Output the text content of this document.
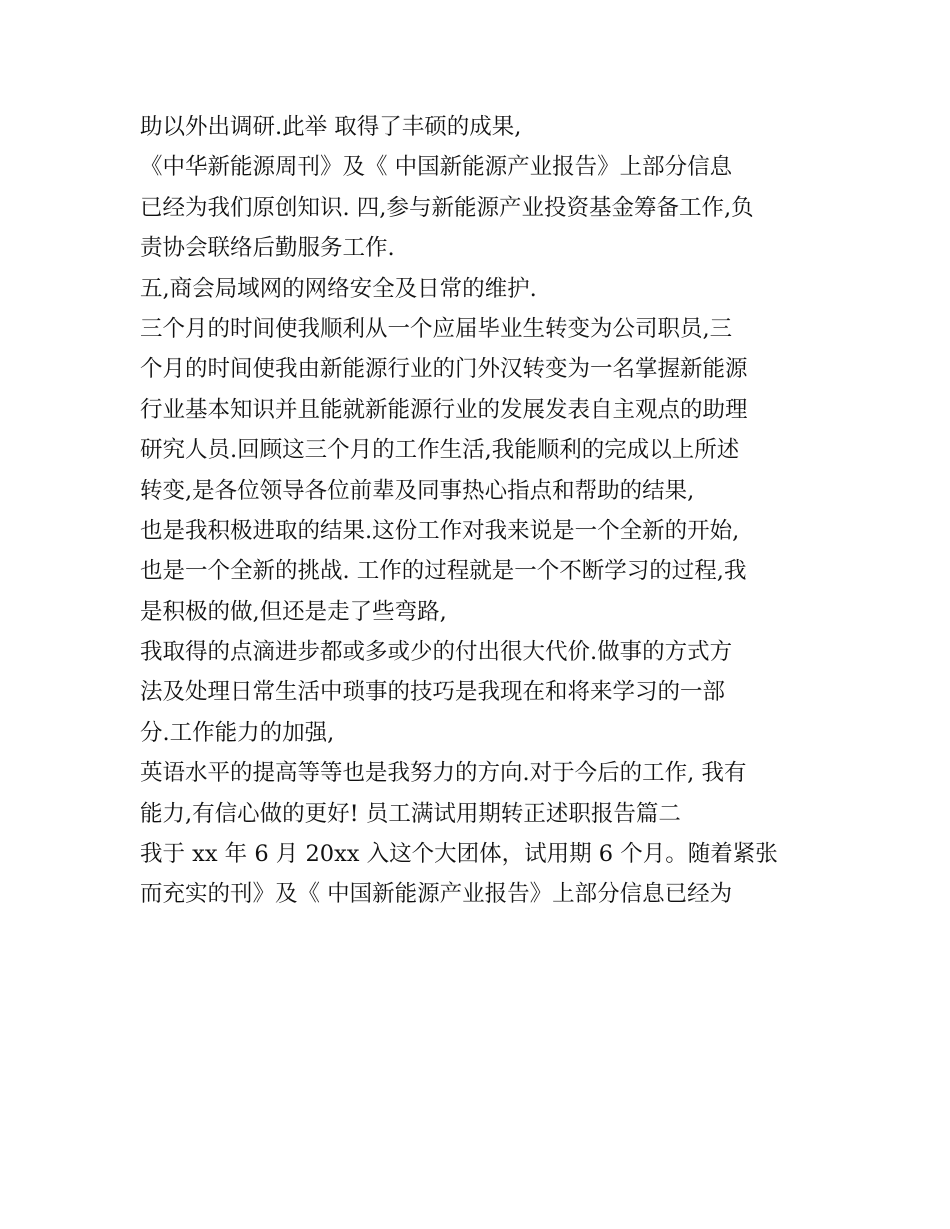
助以外出调研.此举 取得了丰硕的成果,
《中华新能源周刊》及《 中国新能源产业报告》上部分信息
已经为我们原创知识. 四,参与新能源产业投资基金筹备工作,负
责协会联络后勤服务工作.
五,商会局域网的网络安全及日常的维护.
三个月的时间使我顺利从一个应届毕业生转变为公司职员,三
个月的时间使我由新能源行业的门外汉转变为一名掌握新能源
行业基本知识并且能就新能源行业的发展发表自主观点的助理
研究人员.回顾这三个月的工作生活,我能顺利的完成以上所述
转变,是各位领导各位前辈及同事热心指点和帮助的结果,
也是我积极进取的结果.这份工作对我来说是一个全新的开始,
也是一个全新的挑战. 工作的过程就是一个不断学习的过程,我
是积极的做,但还是走了些弯路,
我取得的点滴进步都或多或少的付出很大代价.做事的方式方
法及处理日常生活中琐事的技巧是我现在和将来学习的一部
分.工作能力的加强,
英语水平的提高等等也是我努力的方向.对于今后的工作, 我有
能力,有信心做的更好! 员工满试用期转正述职报告篇二
我于 xx 年 6 月 20xx 入这个大团体，试用期 6 个月。随着紧张
而充实的刊》及《 中国新能源产业报告》上部分信息已经为
